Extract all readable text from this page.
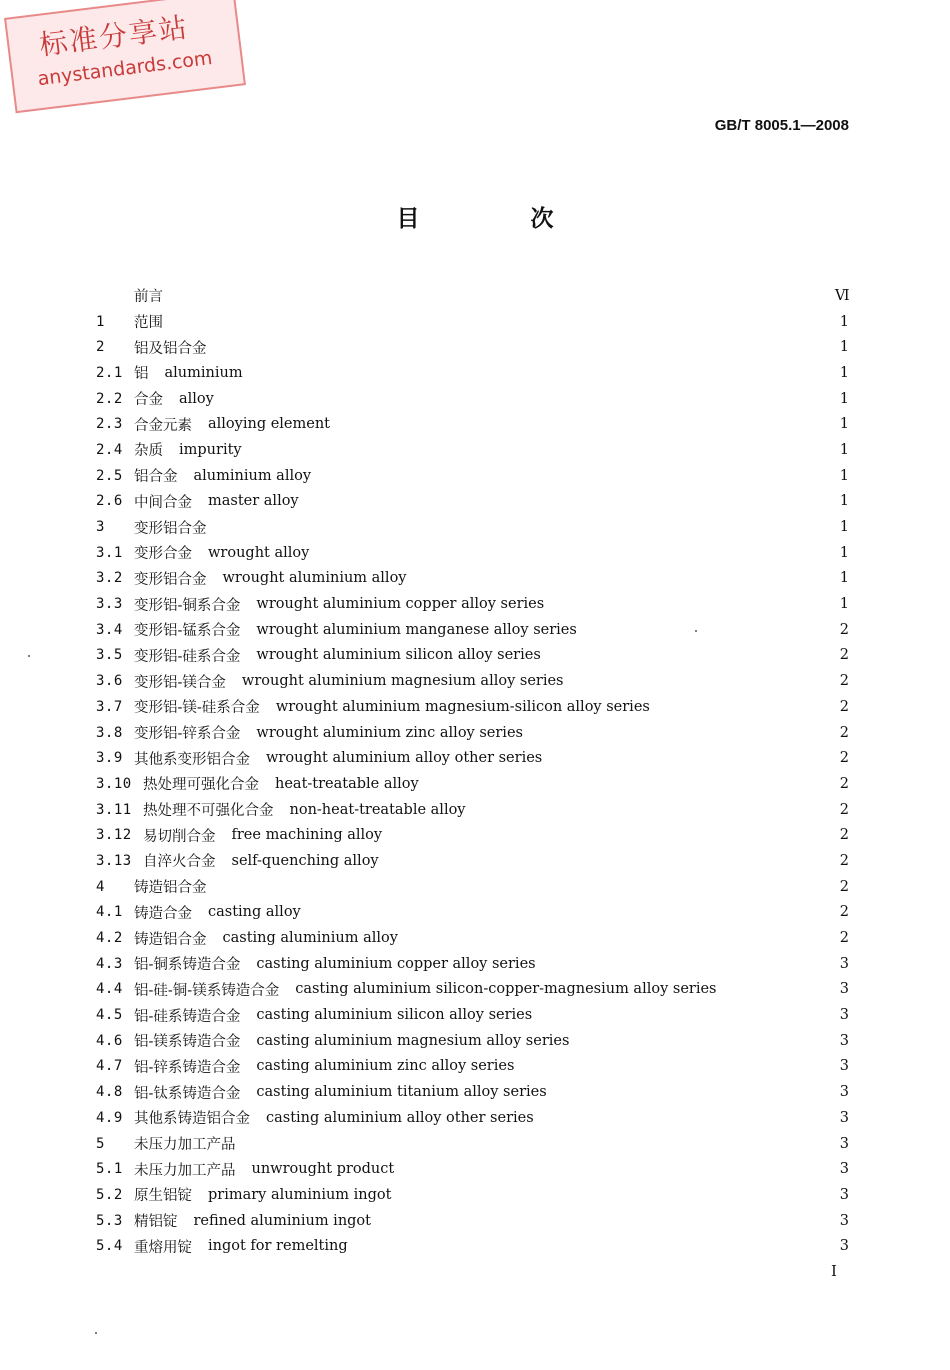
标准分享站
anystandards.com
GB/T 8005.1—2008
目　次
前言	Ⅵ
1	范围	1
2	铝及铝合金	1
2.1 铝 aluminium	1
2.2 合金 alloy	1
2.3 合金元素 alloying element	1
2.4 杂质 impurity	1
2.5 铝合金 aluminium alloy	1
2.6 中间合金 master alloy	1
3	变形铝合金	1
3.1 变形合金 wrought alloy	1
3.2 变形铝合金 wrought aluminium alloy	1
3.3 变形铝-铜系合金 wrought aluminium copper alloy series	1
3.4 变形铝-锰系合金 wrought aluminium manganese alloy series	2
3.5 变形铝-硅系合金 wrought aluminium silicon alloy series	2
3.6 变形铝-镁合金 wrought aluminium magnesium alloy series	2
3.7 变形铝-镁-硅系合金 wrought aluminium magnesium-silicon alloy series	2
3.8 变形铝-锌系合金 wrought aluminium zinc alloy series	2
3.9 其他系变形铝合金 wrought aluminium alloy other series	2
3.10 热处理可强化合金 heat-treatable alloy	2
3.11 热处理不可强化合金 non-heat-treatable alloy	2
3.12 易切削合金 free machining alloy	2
3.13 自淬火合金 self-quenching alloy	2
4	铸造铝合金	2
4.1 铸造合金 casting alloy	2
4.2 铸造铝合金 casting aluminium alloy	2
4.3 铝-铜系铸造合金 casting aluminium copper alloy series	3
4.4 铝-硅-铜-镁系铸造合金 casting aluminium silicon-copper-magnesium alloy series	3
4.5 铝-硅系铸造合金 casting aluminium silicon alloy series	3
4.6 铝-镁系铸造合金 casting aluminium magnesium alloy series	3
4.7 铝-锌系铸造合金 casting aluminium zinc alloy series	3
4.8 铝-钛系铸造合金 casting aluminium titanium alloy series	3
4.9 其他系铸造铝合金 casting aluminium alloy other series	3
5	未压力加工产品	3
5.1 未压力加工产品 unwrought product	3
5.2 原生铝锭 primary aluminium ingot	3
5.3 精铝锭 refined aluminium ingot	3
5.4 重熔用锭 ingot for remelting	3
I
